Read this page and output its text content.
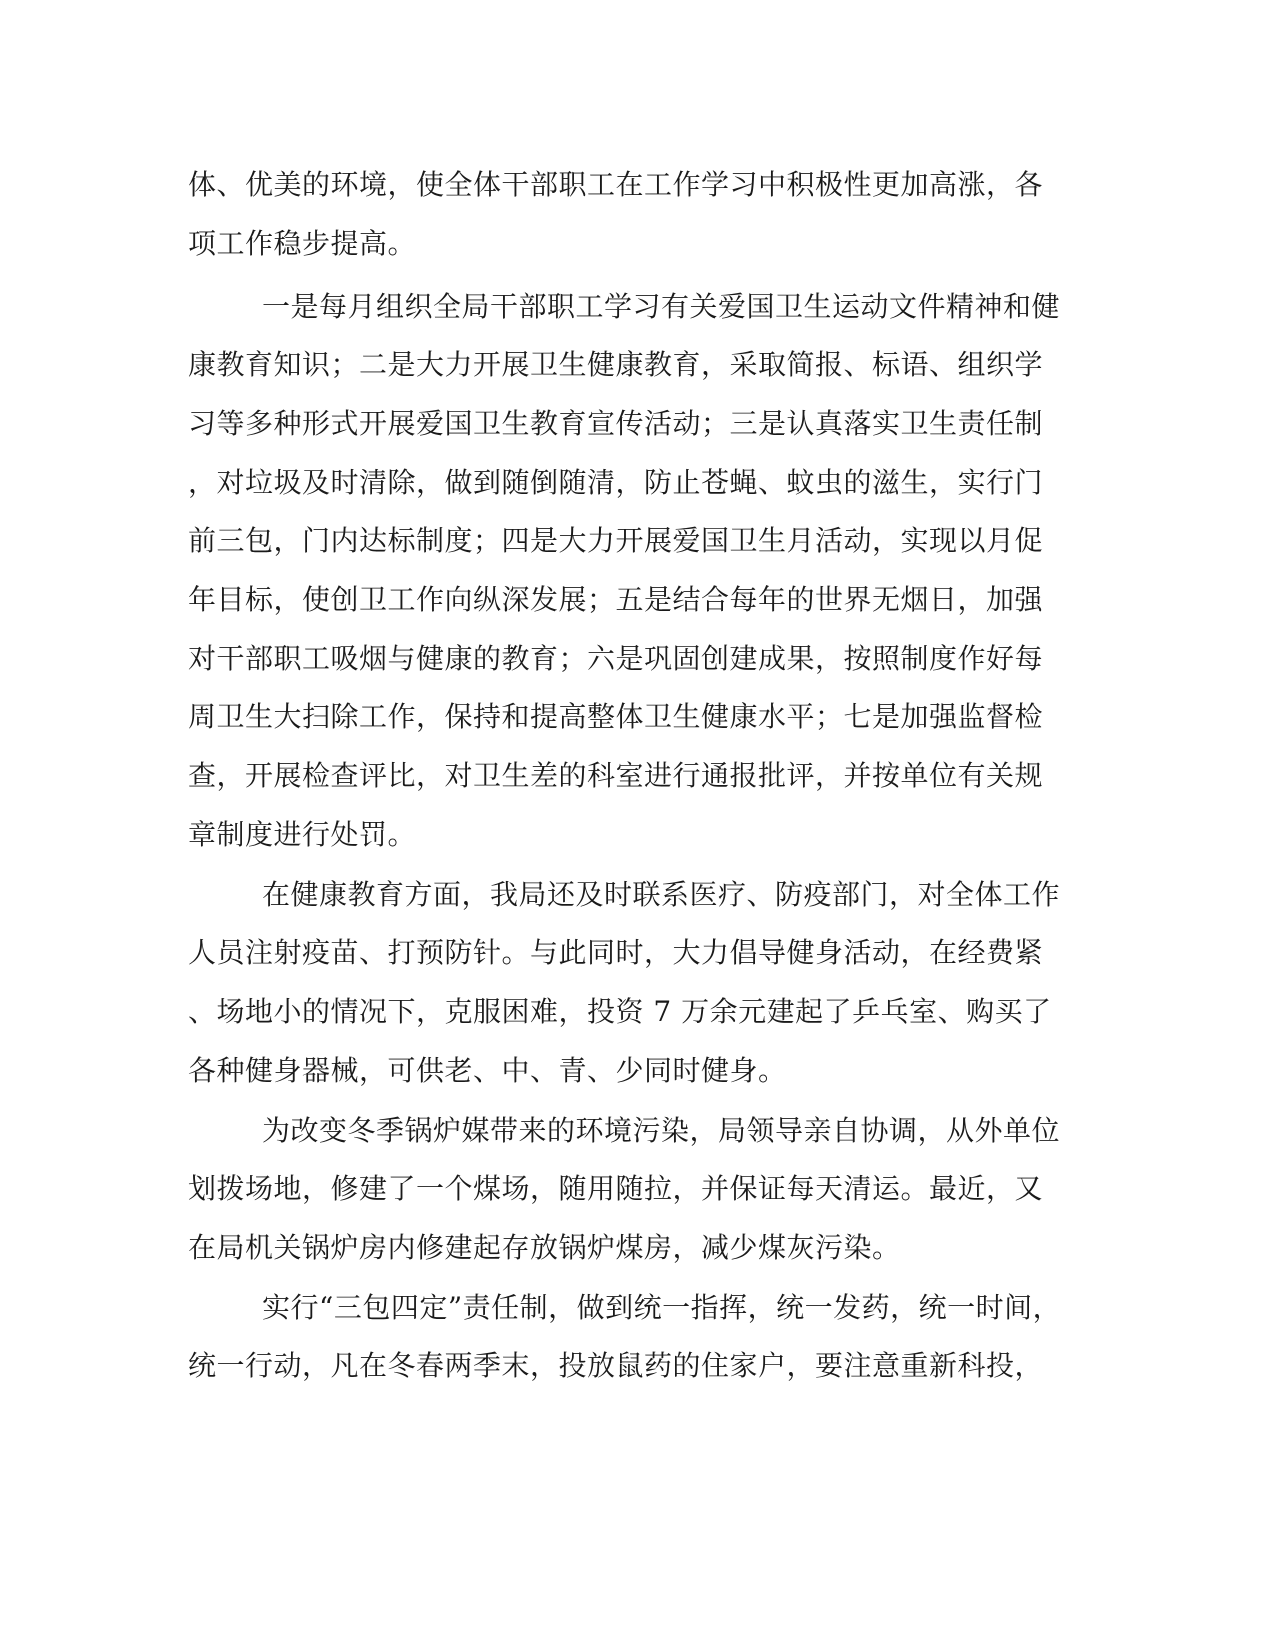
体、优美的环境，使全体干部职工在工作学习中积极性更加高涨，各
项工作稳步提高。
一是每月组织全局干部职工学习有关爱国卫生运动文件精神和健
康教育知识；二是大力开展卫生健康教育，采取简报、标语、组织学
习等多种形式开展爱国卫生教育宣传活动；三是认真落实卫生责任制
，对垃圾及时清除，做到随倒随清，防止苍蝇、蚊虫的滋生，实行门
前三包，门内达标制度；四是大力开展爱国卫生月活动，实现以月促
年目标，使创卫工作向纵深发展；五是结合每年的世界无烟日，加强
对干部职工吸烟与健康的教育；六是巩固创建成果，按照制度作好每
周卫生大扫除工作，保持和提高整体卫生健康水平；七是加强监督检
查，开展检查评比，对卫生差的科室进行通报批评，并按单位有关规
章制度进行处罚。
在健康教育方面，我局还及时联系医疗、防疫部门，对全体工作
人员注射疫苗、打预防针。与此同时，大力倡导健身活动，在经费紧
、场地小的情况下，克服困难，投资 7 万余元建起了乒乓室、购买了
各种健身器械，可供老、中、青、少同时健身。
为改变冬季锅炉媒带来的环境污染，局领导亲自协调，从外单位
划拨场地，修建了一个煤场，随用随拉，并保证每天清运。最近，又
在局机关锅炉房内修建起存放锅炉煤房，减少煤灰污染。
实行“三包四定”责任制，做到统一指挥，统一发药，统一时间，
统一行动，凡在冬春两季末，投放鼠药的住家户，要注意重新科投，
